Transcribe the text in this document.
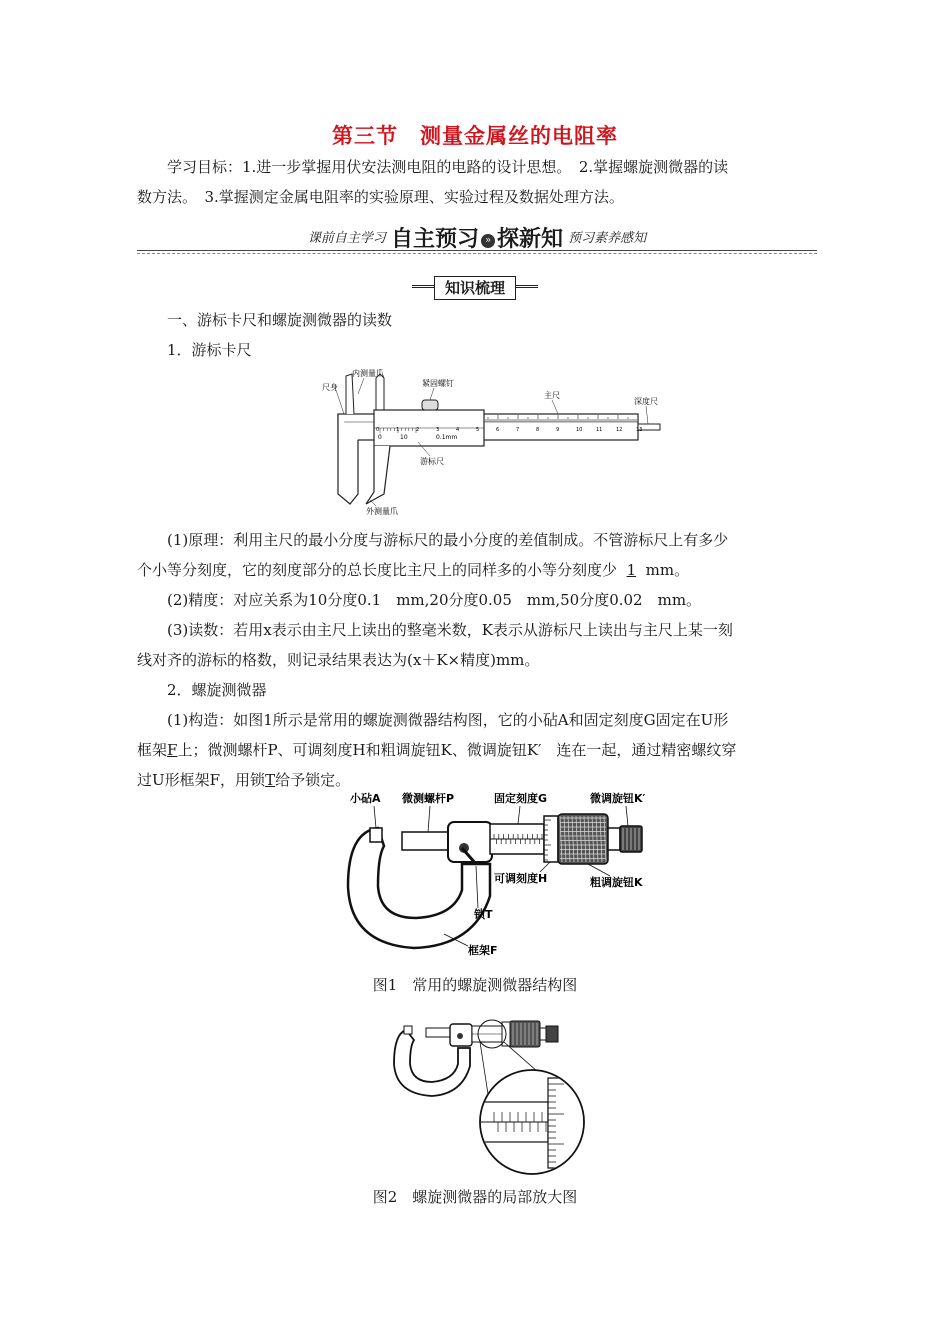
第三节　测量金属丝的电阻率
学习目标：1.进一步掌握用伏安法测电阻的电路的设计思想。　2.掌握螺旋测微器的读
数方法。　3.掌握测定金属电阻率的实验原理、实验过程及数据处理方法。
$^{课前自主学习}$ 自主预习 » 探新知 $^{预习素养感知}$
知识梳理
一、游标卡尺和螺旋测微器的读数
1．游标卡尺
尺身
内测量爪
紧固螺钉
主尺
深度尺
游标尺
外测量爪
0	10	0.1mm
0	1	2	3	4	5	6	7	8	9	10	11	12	13
(1)原理：利用主尺的最小分度与游标尺的最小分度的差值制成。不管游标尺上有多少
个小等分刻度，它的刻度部分的总长度比主尺上的同样多的小等分刻度少 1 mm。
(2)精度：对应关系为10分度0.1　mm,20分度0.05　mm,50分度0.02　mm。
(3)读数：若用x表示由主尺上读出的整毫米数，K表示从游标尺上读出与主尺上某一刻
线对齐的游标的格数，则记录结果表达为(x＋K×精度)mm。
2．螺旋测微器
(1)构造：如图1所示是常用的螺旋测微器结构图，它的小砧A和固定刻度G固定在U形
框架F上；微测螺杆P、可调刻度H和粗调旋钮K、微调旋钮K′　连在一起，通过精密螺纹穿
过U形框架F，用锁T给予锁定。
小砧A 微测螺杆P	固定刻度G	微调旋钮K′
可调刻度H	粗调旋钮K
锁T
框架F
图1　常用的螺旋测微器结构图
图2　螺旋测微器的局部放大图
